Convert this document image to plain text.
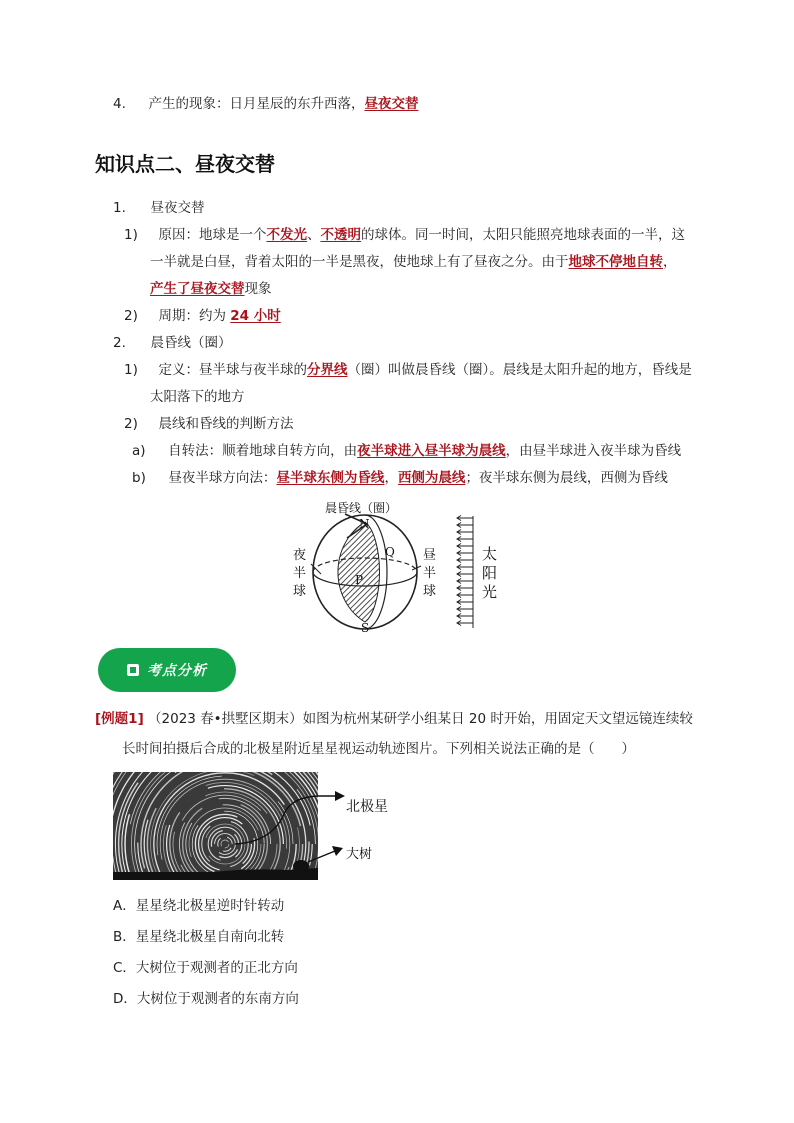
4. 产生的现象：日月星辰的东升西落，昼夜交替
知识点二、昼夜交替
1. 昼夜交替
1) 原因：地球是一个不发光、不透明的球体。同一时间，太阳只能照亮地球表面的一半，这
一半就是白昼，背着太阳的一半是黑夜，使地球上有了昼夜之分。由于地球不停地自转，
产生了昼夜交替现象
2) 周期：约为 24 小时
2. 晨昏线（圈）
1) 定义：昼半球与夜半球的分界线（圈）叫做晨昏线（圈）。晨线是太阳升起的地方，昏线是
太阳落下的地方
2) 晨线和昏线的判断方法
a) 自转法：顺着地球自转方向，由夜半球进入昼半球为晨线，由昼半球进入夜半球为昏线
b) 昼夜半球方向法：昼半球东侧为昏线，西侧为晨线；夜半球东侧为晨线，西侧为昏线
晨昏线（圈）
N
Q
P
S
夜
半
球
昼
半
球
太
阳
光
考点分析
[例题1] （2023 春•拱墅区期末）如图为杭州某研学小组某日 20 时开始，用固定天文望远镜连续较
长时间拍摄后合成的北极星附近星星视运动轨迹图片。下列相关说法正确的是（　　）
北极星
大树
A．星星绕北极星逆时针转动
B．星星绕北极星自南向北转
C．大树位于观测者的正北方向
D．大树位于观测者的东南方向
